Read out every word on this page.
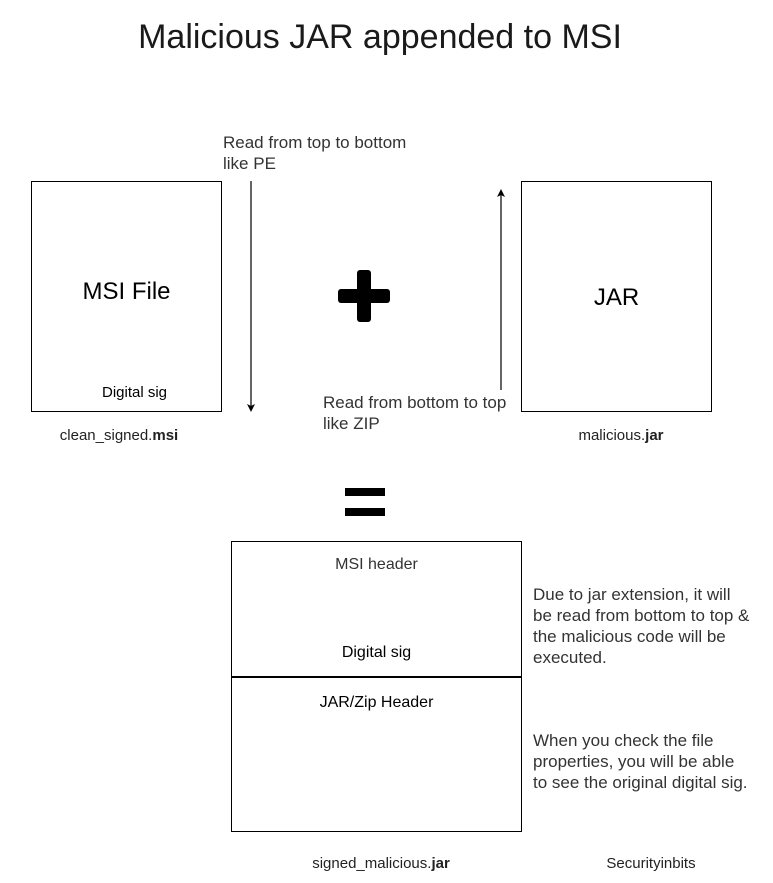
Malicious JAR appended to MSI
MSI File
Digital sig
clean_signed.msi
JAR
malicious.jar
Read from top to bottom
like PE
Read from bottom to top
like ZIP
MSI header
Digital sig
JAR/Zip Header
signed_malicious.jar
Due to jar extension, it will
be read from bottom to top &
the malicious code will be
executed.
When you check the file
properties, you will be able
to see the original digital sig.
Securityinbits
